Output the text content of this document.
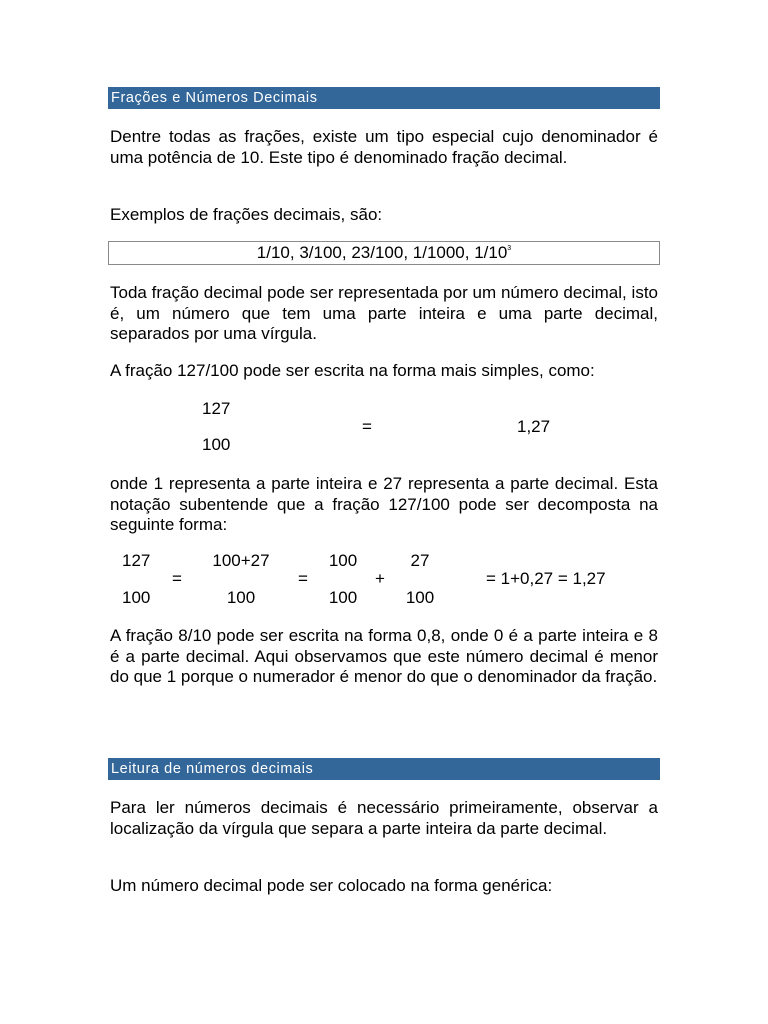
Frações e Números Decimais
Dentre todas as frações, existe um tipo especial cujo denominador é uma potência de 10. Este tipo é denominado fração decimal.
Exemplos de frações decimais, são:
1/10, 3/100, 23/100, 1/1000, $1/10^3$
Toda fração decimal pode ser representada por um número decimal, isto é, um número que tem uma parte inteira e uma parte decimal, separados por uma vírgula.
A fração 127/100 pode ser escrita na forma mais simples, como:
127
100
=	1,27
onde 1 representa a parte inteira e 27 representa a parte decimal. Esta notação subentende que a fração 127/100 pode ser decomposta na seguinte forma:
127
100
=
100+27
100
=
100
100
+
27
100
= 1+0,27 = 1,27
A fração 8/10 pode ser escrita na forma 0,8, onde 0 é a parte inteira e 8 é a parte decimal. Aqui observamos que este número decimal é menor do que 1 porque o numerador é menor do que o denominador da fração.
Leitura de números decimais
Para ler números decimais é necessário primeiramente, observar a localização da vírgula que separa a parte inteira da parte decimal.
Um número decimal pode ser colocado na forma genérica:
